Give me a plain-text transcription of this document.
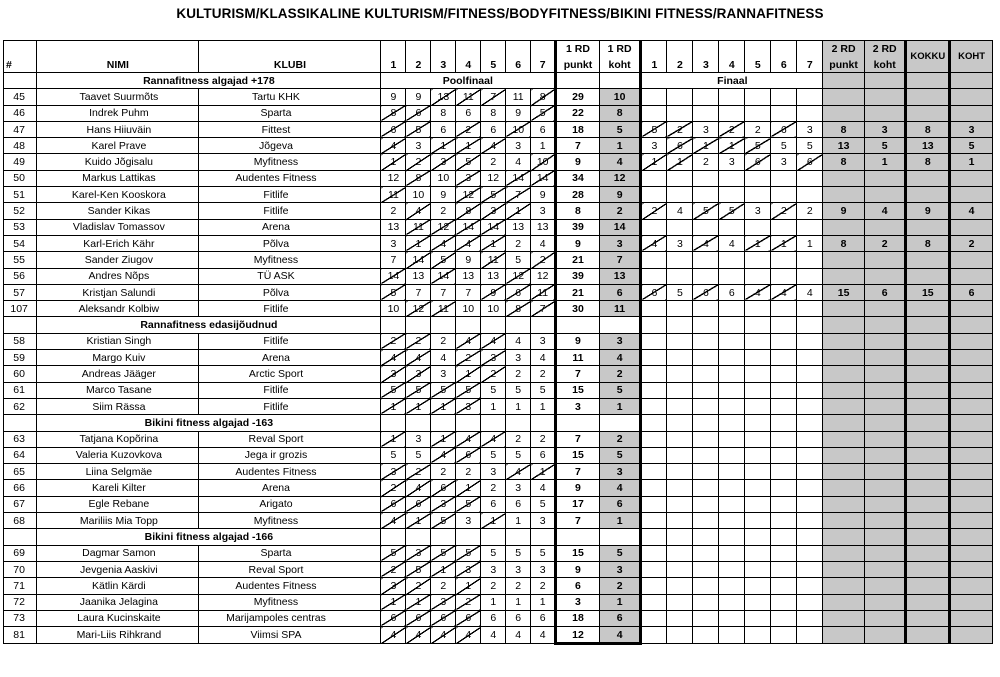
KULTURISM/KLASSIKALINE KULTURISM/FITNESS/BODYFITNESS/BIKINI FITNESS/RANNAFITNESS
										1 RD	1 RD								2 RD	2 RD	KOKKU	KOHT
#	NIMI	KLUBI	1	2	3	4	5	6	7	punkt	koht	1	2	3	4	5	6	7	punkt	koht		
	Rannafitness algajad +178		Poolfinaal									Finaal										
45	Taavet Suurmõts	Tartu KHK	9	9	13	11	7	11	8	29	10											
46	Indrek Puhm	Sparta	8	6	8	6	8	9	5	22	8											
47	Hans Hiiuväin	Fittest	6	5	6	2	6	10	6	18	5	5	2	3	2	2	6	3	8	3	8	3
48	Karel Prave	Jõgeva	4	3	1	1	4	3	1	7	1	3	6	1	1	5	5	5	13	5	13	5
49	Kuido Jõgisalu	Myfitness	1	2	3	5	2	4	10	9	4	1	1	2	3	6	3	6	8	1	8	1
50	Markus Lattikas	Audentes Fitness	12	8	10	3	12	14	14	34	12											
51	Karel-Ken Kooskora	Fitlife	11	10	9	12	5	7	9	28	9											
52	Sander Kikas	Fitlife	2	4	2	8	3	1	3	8	2	2	4	5	5	3	2	2	9	4	9	4
53	Vladislav Tomassov	Arena	13	11	12	14	14	13	13	39	14											
54	Karl-Erich Kähr	Põlva	3	1	4	4	1	2	4	9	3	4	3	4	4	1	1	1	8	2	8	2
55	Sander Ziugov	Myfitness	7	14	5	9	11	5	2	21	7											
56	Andres Nõps	TÜ ASK	14	13	14	13	13	12	12	39	13											
57	Kristjan Salundi	Põlva	5	7	7	7	9	6	11	21	6	6	5	6	6	4	4	4	15	6	15	6
107	Aleksandr Kolbiw	Fitlife	10	12	11	10	10	8	7	30	11											
	Rannafitness edasijõudnud																					
58	Kristian Singh	Fitlife	2	2	2	4	4	4	3	9	3											
59	Margo Kuiv	Arena	4	4	4	2	3	3	4	11	4											
60	Andreas Jääger	Arctic Sport	3	3	3	1	2	2	2	7	2											
61	Marco Tasane	Fitlife	5	5	5	5	5	5	5	15	5											
62	Siim Rässa	Fitlife	1	1	1	3	1	1	1	3	1											
	Bikini fitness algajad -163																					
63	Tatjana Kopõrina	Reval Sport	1	3	1	4	4	2	2	7	2											
64	Valeria Kuzovkova	Jega ir grozis	5	5	4	6	5	5	6	15	5											
65	Liina Selgmäe	Audentes Fitness	3	2	2	2	3	4	1	7	3											
66	Kareli Kilter	Arena	2	4	6	1	2	3	4	9	4											
67	Egle Rebane	Arigato	6	6	3	5	6	6	5	17	6											
68	Mariliis Mia Topp	Myfitness	4	1	5	3	1	1	3	7	1											
	Bikini fitness algajad -166																					
69	Dagmar Samon	Sparta	5	3	5	5	5	5	5	15	5											
70	Jevgenia Aaskivi	Reval Sport	2	5	1	3	3	3	3	9	3											
71	Kätlin Kärdi	Audentes Fitness	3	2	2	1	2	2	2	6	2											
72	Jaanika Jelagina	Myfitness	1	1	3	2	1	1	1	3	1											
73	Laura Kucinskaite	Marijampoles centras	6	6	6	6	6	6	6	18	6											
81	Mari-Liis Rihkrand	Viimsi SPA	4	4	4	4	4	4	4	12	4											
